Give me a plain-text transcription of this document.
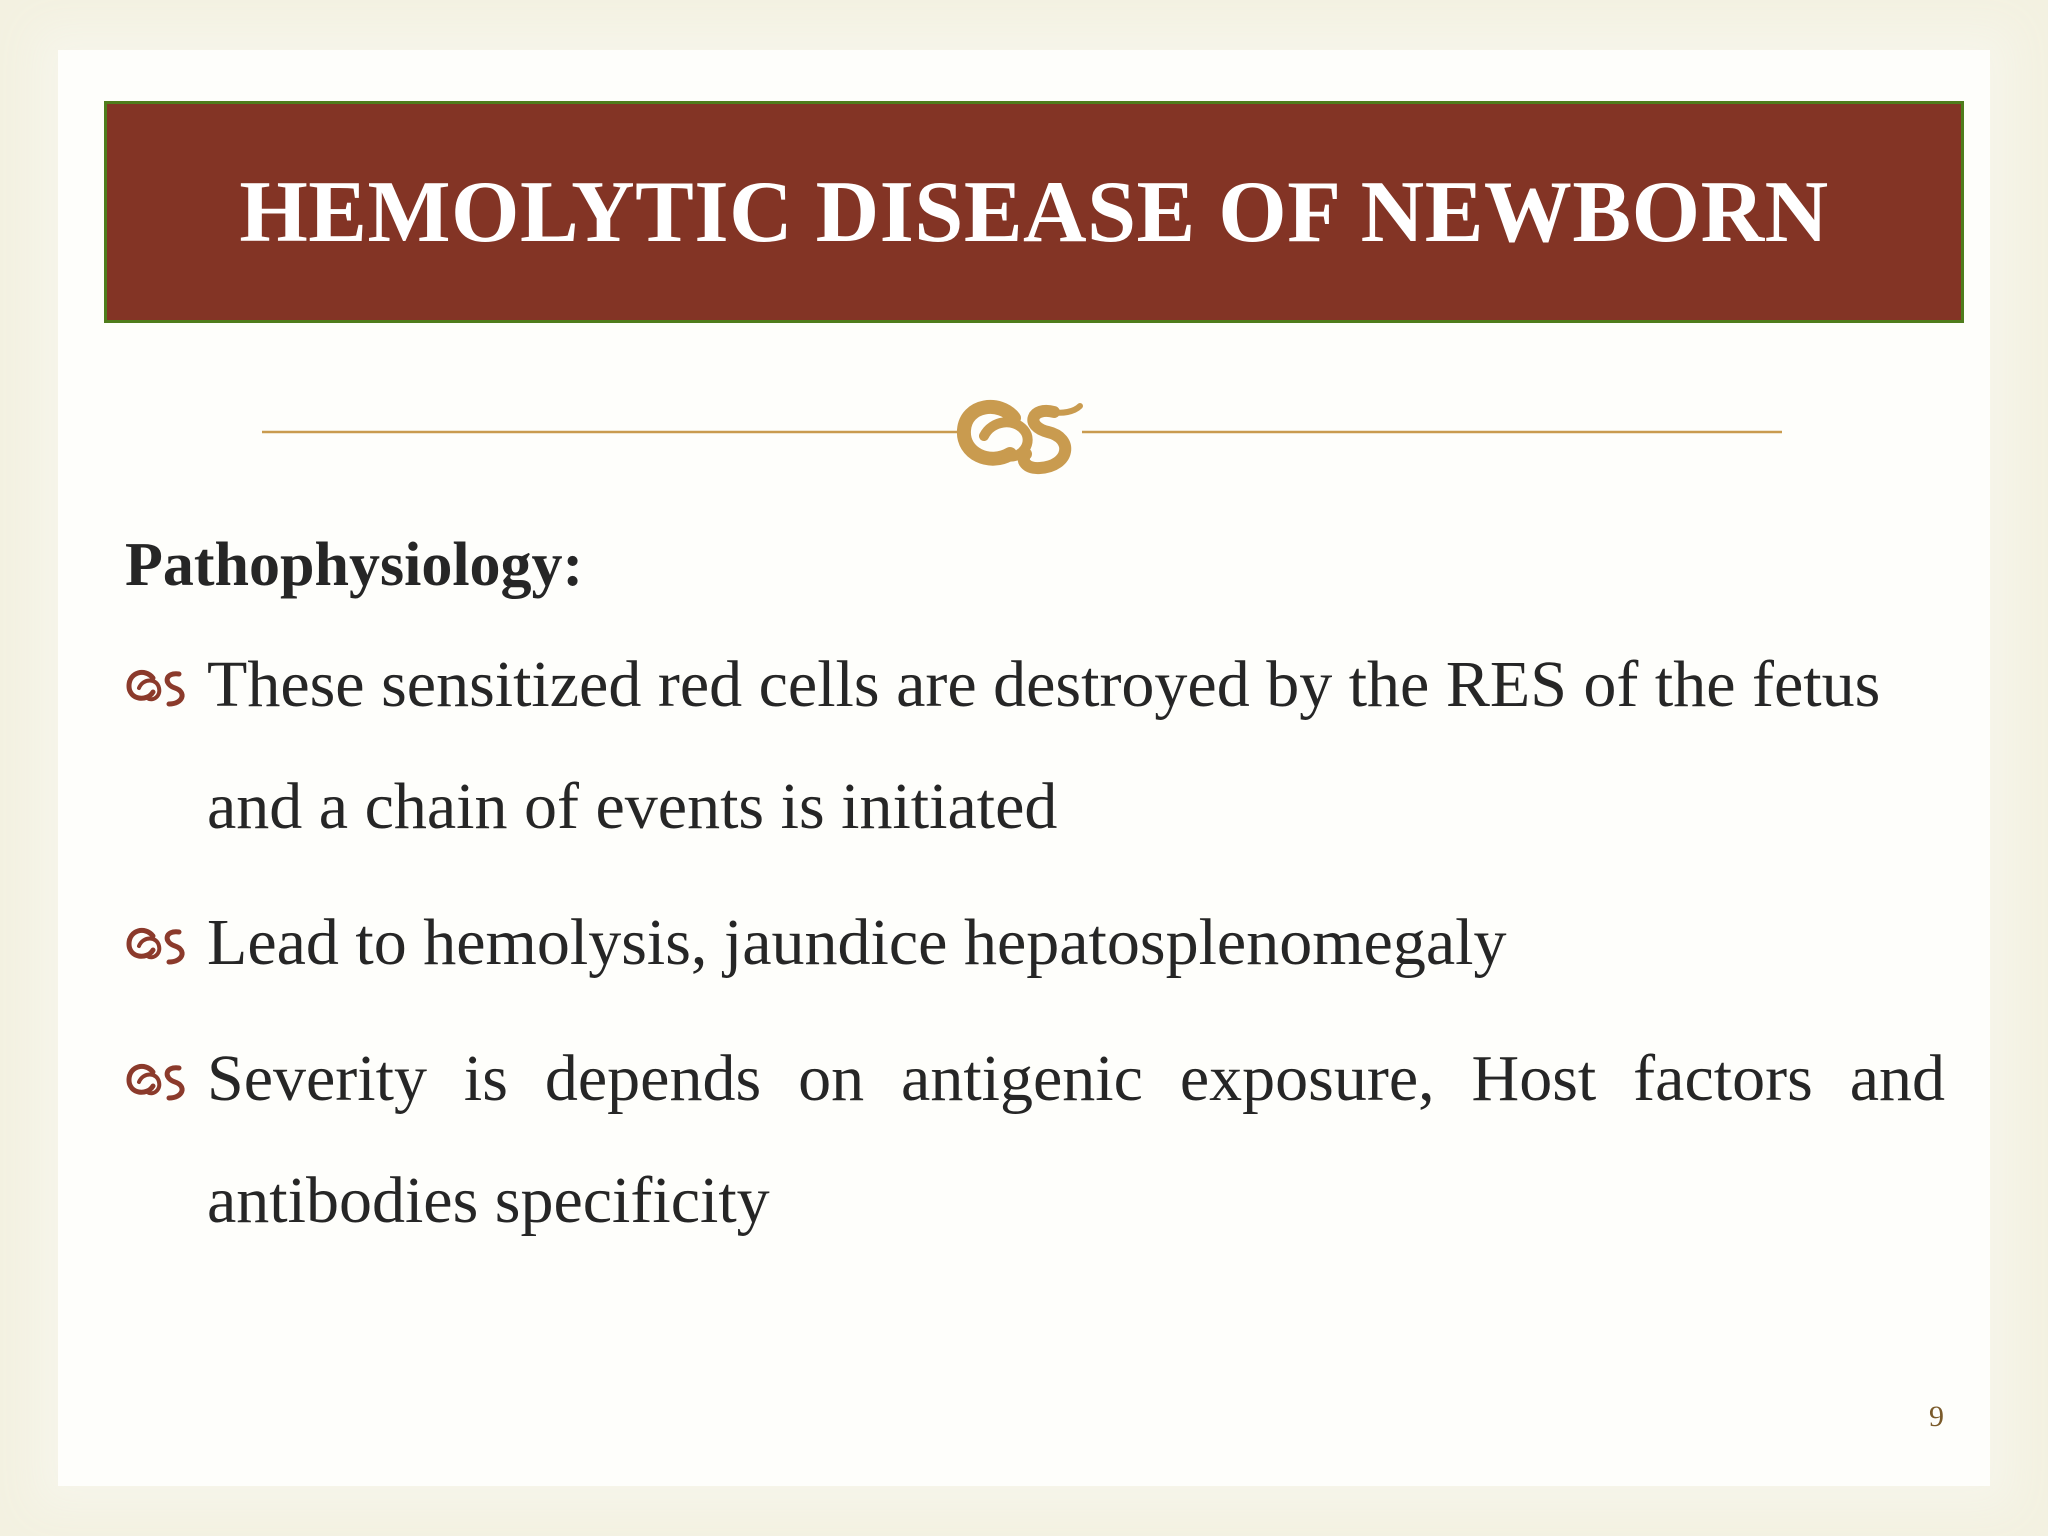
HEMOLYTIC DISEASE OF NEWBORN

Pathophysiology:

These sensitized red cells are destroyed by the RES of the fetus and a chain of events is initiated
Lead to hemolysis, jaundice hepatosplenomegaly
Severity is depends on antigenic exposure, Host factors and antibodies specificity
9
